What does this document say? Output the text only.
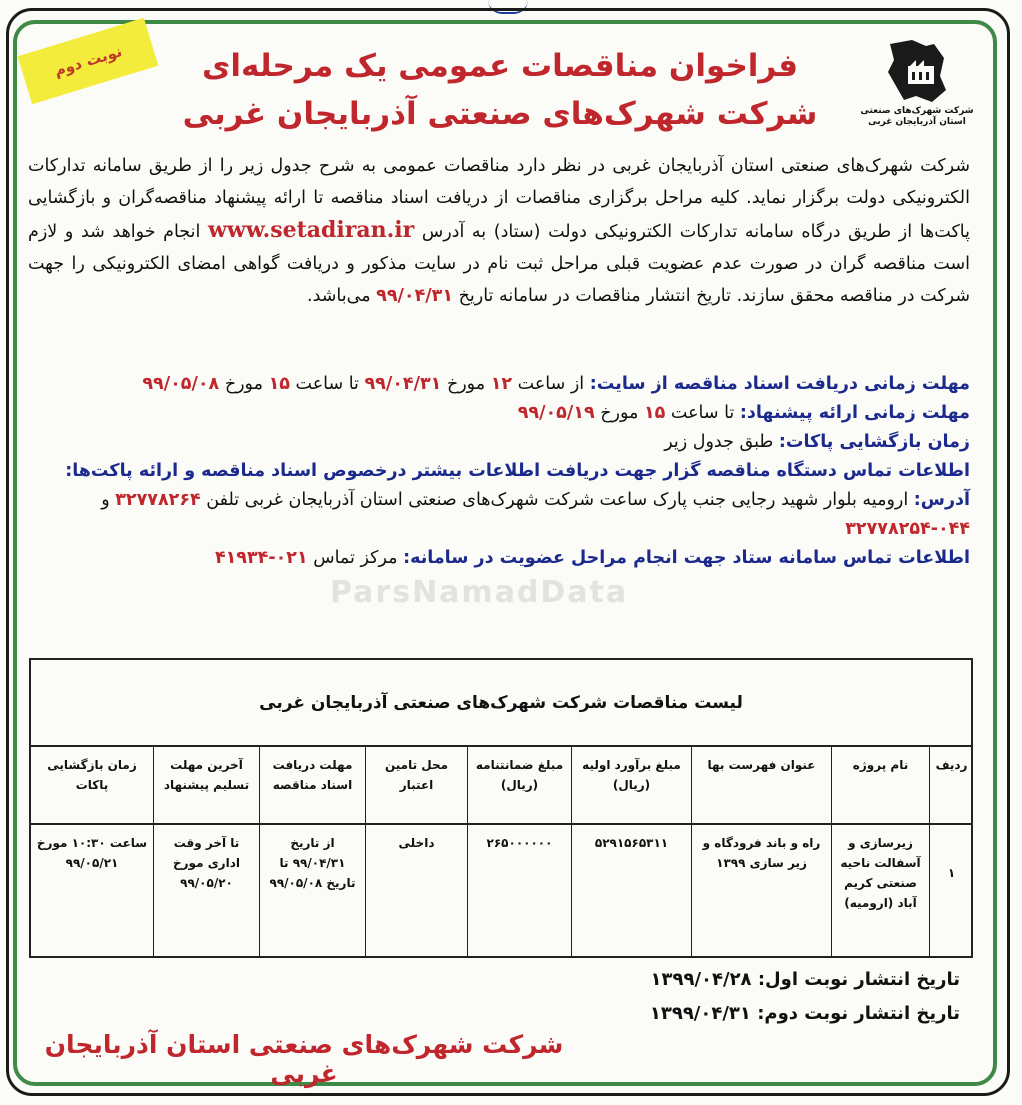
نوبت دوم
شرکت شهرک‌های صنعتی
استان آذربایجان غربی
فراخوان مناقصات عمومی یک مرحله‌ای
شرکت شهرک‌های صنعتی آذربایجان غربی

شرکت شهرک‌های صنعتی استان آذربایجان غربی در نظر دارد مناقصات عمومی به شرح جدول زیر را از طریق سامانه تدارکات الکترونیکی دولت برگزار نماید. کلیه مراحل برگزاری مناقصات از دریافت اسناد مناقصه تا ارائه پیشنهاد مناقصه‌گران و بازگشایی پاکت‌ها از طریق درگاه سامانه تدارکات الکترونیکی دولت (ستاد) به آدرس www.setadiran.ir انجام خواهد شد و لازم است مناقصه گران در صورت عدم عضویت قبلی مراحل ثبت نام در سایت مذکور و دریافت گواهی امضای الکترونیکی را جهت شرکت در مناقصه محقق سازند. تاریخ انتشار مناقصات در سامانه تاریخ ۹۹/۰۴/۳۱ می‌باشد.

مهلت زمانی دریافت اسناد مناقصه از سایت: از ساعت ۱۲ مورخ ۹۹/۰۴/۳۱ تا ساعت ۱۵ مورخ ۹۹/۰۵/۰۸
مهلت زمانی ارائه پیشنهاد: تا ساعت ۱۵ مورخ ۹۹/۰۵/۱۹
زمان بازگشایی پاکات: طبق جدول زیر
اطلاعات تماس دستگاه مناقصه گزار جهت دریافت اطلاعات بیشتر درخصوص اسناد مناقصه و ارائه پاکت‌ها:
آدرس: ارومیه بلوار شهید رجایی جنب پارک ساعت شرکت شهرک‌های صنعتی استان آذربایجان غربی تلفن ۳۲۷۷۸۲۶۴ و ۰۴۴-۳۲۷۷۸۲۵۴
اطلاعات تماس سامانه ستاد جهت انجام مراحل عضویت در سامانه: مرکز تماس ۰۲۱-۴۱۹۳۴
ParsNamadData
لیست مناقصات شرکت شهرک‌های صنعتی آذربایجان غربی
ردیف
نام پروژه
عنوان فهرست بها
مبلغ برآورد اولیه (ریال)
مبلغ ضمانتنامه (ریال)
محل تامین اعتبار
مهلت دریافت اسناد مناقصه
آخرین مهلت تسلیم پیشنهاد
زمان بازگشایی پاکات
۱
زیرسازی و آسفالت ناحیه صنعتی کریم آباد (ارومیه)
راه و باند فرودگاه و زیر سازی ۱۳۹۹
۵۲۹۱۵۶۵۳۱۱
۲۶۵۰۰۰۰۰۰
داخلی
از تاریخ ۹۹/۰۴/۳۱ تا تاریخ ۹۹/۰۵/۰۸
تا آخر وقت اداری مورخ ۹۹/۰۵/۲۰
ساعت ۱۰:۳۰ مورخ ۹۹/۰۵/۲۱
تاریخ انتشار نوبت اول: ۱۳۹۹/۰۴/۲۸
تاریخ انتشار نوبت دوم: ۱۳۹۹/۰۴/۳۱
شرکت شهرک‌های صنعتی استان آذربایجان غربی
